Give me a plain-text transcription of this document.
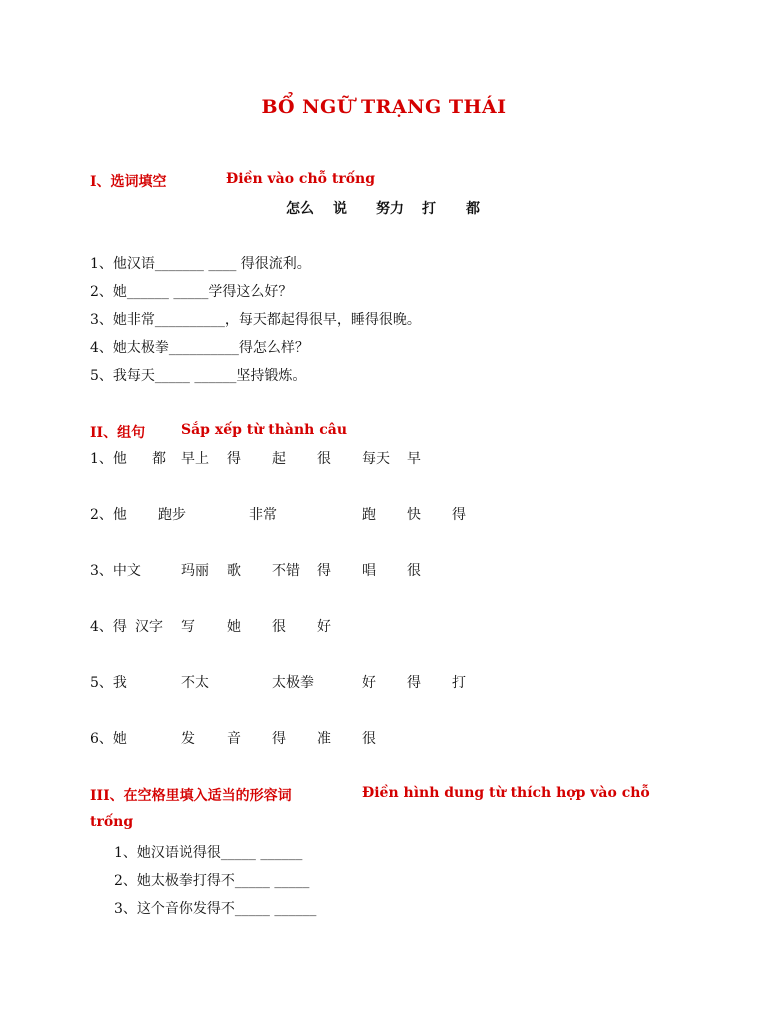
BỔ NGỮ TRẠNG THÁI
I、选词填空	Điền vào chỗ trống
怎么 说 努力 打 都
1、他汉语_______ ____ 得很流利。
2、她______ _____学得这么好？
3、她非常__________，每天都起得很早，睡得很晚。
4、她太极拳__________得怎么样？
5、我每天_____ ______坚持锻炼。
II、组句	Sắp xếp từ thành câu
1、他 都 早上 得 起 很 每天 早
2、他 跑步	非常	跑 快 得
3、中文	玛丽 歌 不错 得 唱 很
4、得 汉字 写 她 很 好
5、我	不太	太极拳	好 得 打
6、她	发 音 得 准 很
III、在空格里填入适当的形容词	Điền hình dung từ thích hợp vào chỗ
trống
1、她汉语说得很_____ ______
2、她太极拳打得不_____ _____
3、这个音你发得不_____ ______
